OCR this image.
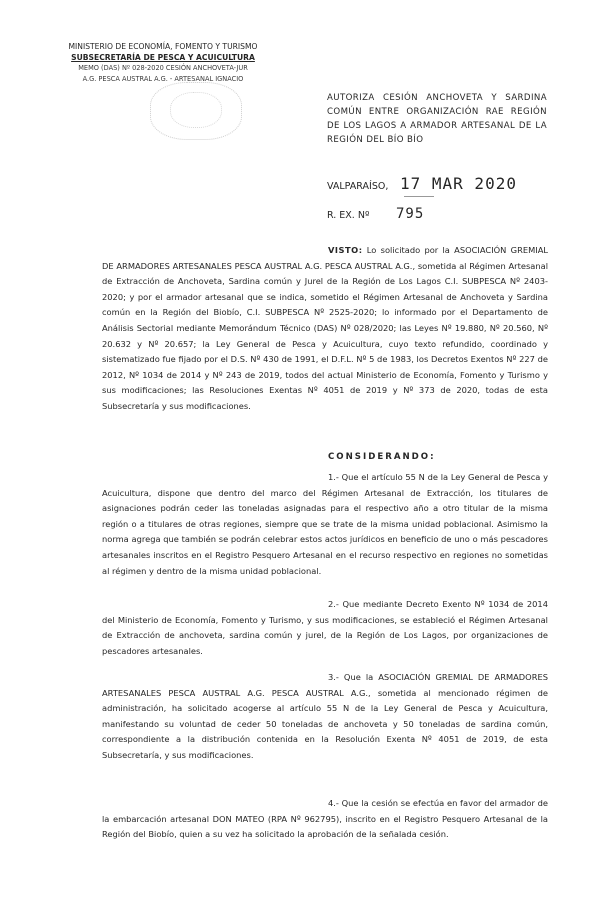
MINISTERIO DE ECONOMÍA, FOMENTO Y TURISMO
SUBSECRETARÍA DE PESCA Y ACUICULTURA
MEMO (DAS) Nº 028-2020 CESIÓN ANCHOVETA-JUR
A.G. PESCA AUSTRAL A.G. - ARTESANAL IGNACIO
AUTORIZA CESIÓN ANCHOVETA Y SARDINA COMÚN ENTRE ORGANIZACIÓN RAE REGIÓN DE LOS LAGOS A ARMADOR ARTESANAL DE LA REGIÓN DEL BÍO BÍO
VALPARAÍSO, 17 MAR 2020
R. EX. Nº 795
VISTO: Lo solicitado por la ASOCIACIÓN GREMIAL DE ARMADORES ARTESANALES PESCA AUSTRAL A.G. PESCA AUSTRAL A.G., sometida al Régimen Artesanal de Extracción de Anchoveta, Sardina común y Jurel de la Región de Los Lagos C.I. SUBPESCA Nº 2403-2020; y por el armador artesanal que se indica, sometido el Régimen Artesanal de Anchoveta y Sardina común en la Región del Biobío, C.I. SUBPESCA Nº 2525-2020; lo informado por el Departamento de Análisis Sectorial mediante Memorándum Técnico (DAS) Nº 028/2020; las Leyes Nº 19.880, Nº 20.560, Nº 20.632 y Nº 20.657; la Ley General de Pesca y Acuicultura, cuyo texto refundido, coordinado y sistematizado fue fijado por el D.S. Nº 430 de 1991, el D.F.L. Nº 5 de 1983, los Decretos Exentos Nº 227 de 2012, Nº 1034 de 2014 y Nº 243 de 2019, todos del actual Ministerio de Economía, Fomento y Turismo y sus modificaciones; las Resoluciones Exentas Nº 4051 de 2019 y Nº 373 de 2020, todas de esta Subsecretaría y sus modificaciones.
CONSIDERANDO:
1.- Que el artículo 55 N de la Ley General de Pesca y Acuicultura, dispone que dentro del marco del Régimen Artesanal de Extracción, los titulares de asignaciones podrán ceder las toneladas asignadas para el respectivo año a otro titular de la misma región o a titulares de otras regiones, siempre que se trate de la misma unidad poblacional. Asimismo la norma agrega que también se podrán celebrar estos actos jurídicos en beneficio de uno o más pescadores artesanales inscritos en el Registro Pesquero Artesanal en el recurso respectivo en regiones no sometidas al régimen y dentro de la misma unidad poblacional.
2.- Que mediante Decreto Exento Nº 1034 de 2014 del Ministerio de Economía, Fomento y Turismo, y sus modificaciones, se estableció el Régimen Artesanal de Extracción de anchoveta, sardina común y jurel, de la Región de Los Lagos, por organizaciones de pescadores artesanales.
3.- Que la ASOCIACIÓN GREMIAL DE ARMADORES ARTESANALES PESCA AUSTRAL A.G. PESCA AUSTRAL A.G., sometida al mencionado régimen de administración, ha solicitado acogerse al artículo 55 N de la Ley General de Pesca y Acuicultura, manifestando su voluntad de ceder 50 toneladas de anchoveta y 50 toneladas de sardina común, correspondiente a la distribución contenida en la Resolución Exenta Nº 4051 de 2019, de esta Subsecretaría, y sus modificaciones.
4.- Que la cesión se efectúa en favor del armador de la embarcación artesanal DON MATEO (RPA Nº 962795), inscrito en el Registro Pesquero Artesanal de la Región del Biobío, quien a su vez ha solicitado la aprobación de la señalada cesión.
